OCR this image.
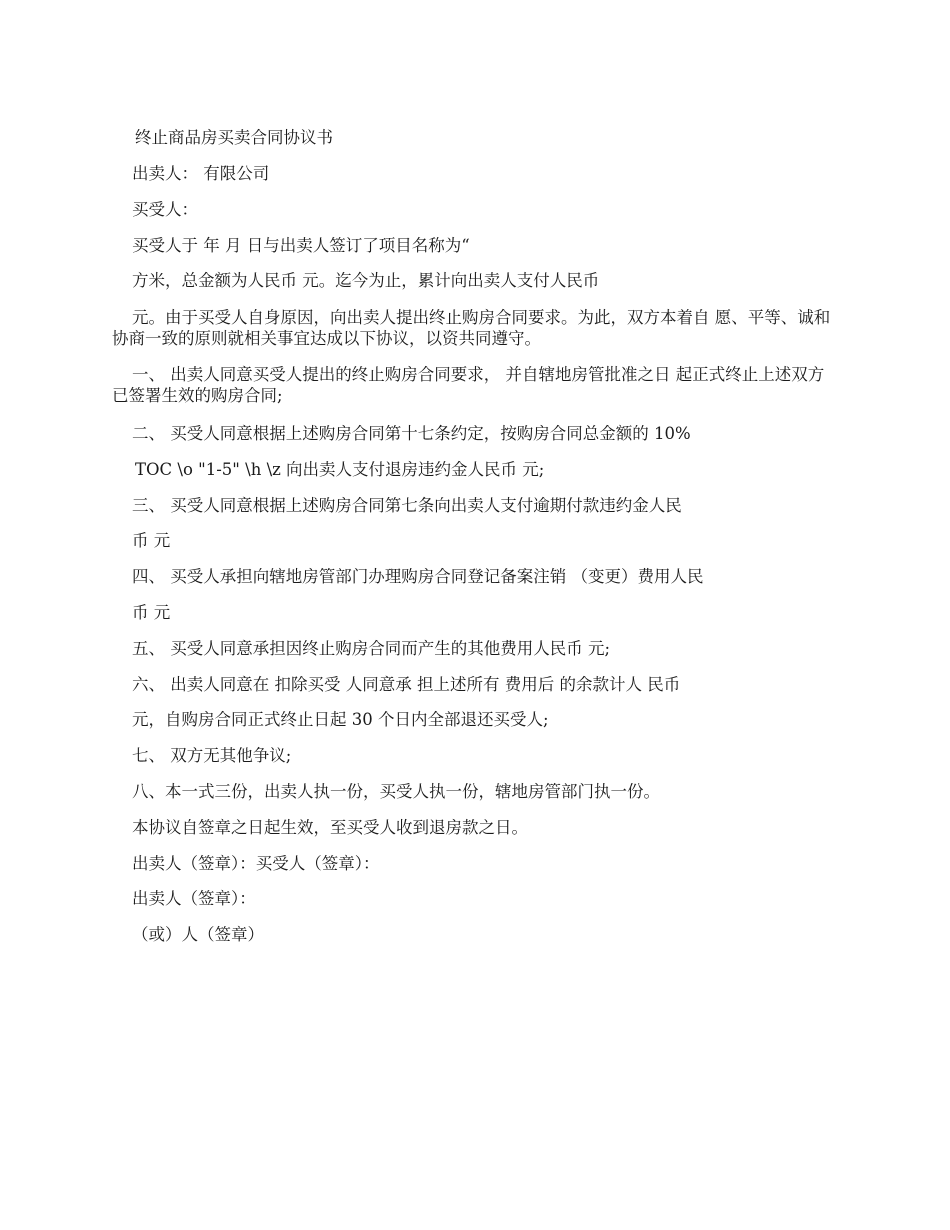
终止商品房买卖合同协议书
出卖人： 有限公司
买受人：
买受人于 年 月 日与出卖人签订了项目名称为“
方米，总金额为人民币 元。迄今为止，累计向出卖人支付人民币
元。由于买受人自身原因，向出卖人提出终止购房合同要求。为此，双方本着自 愿、平等、诚和协商一致的原则就相关事宜达成以下协议，以资共同遵守。
一、 出卖人同意买受人提出的终止购房合同要求， 并自辖地房管批准之日 起正式终止上述双方已签署生效的购房合同;
二、 买受人同意根据上述购房合同第十七条约定，按购房合同总金额的 10%
TOC \o "1-5" \h \z 向出卖人支付退房违约金人民币 元;
三、 买受人同意根据上述购房合同第七条向出卖人支付逾期付款违约金人民
币 元
四、 买受人承担向辖地房管部门办理购房合同登记备案注销 （变更）费用人民
币 元
五、 买受人同意承担因终止购房合同而产生的其他费用人民币 元;
六、 出卖人同意在 扣除买受 人同意承 担上述所有 费用后 的余款计人 民币
元，自购房合同正式终止日起 30 个日内全部退还买受人;
七、 双方无其他争议;
八、本一式三份，出卖人执一份，买受人执一份，辖地房管部门执一份。
本协议自签章之日起生效，至买受人收到退房款之日。
出卖人（签章）：买受人（签章）：
出卖人（签章）：
（或）人（签章）
